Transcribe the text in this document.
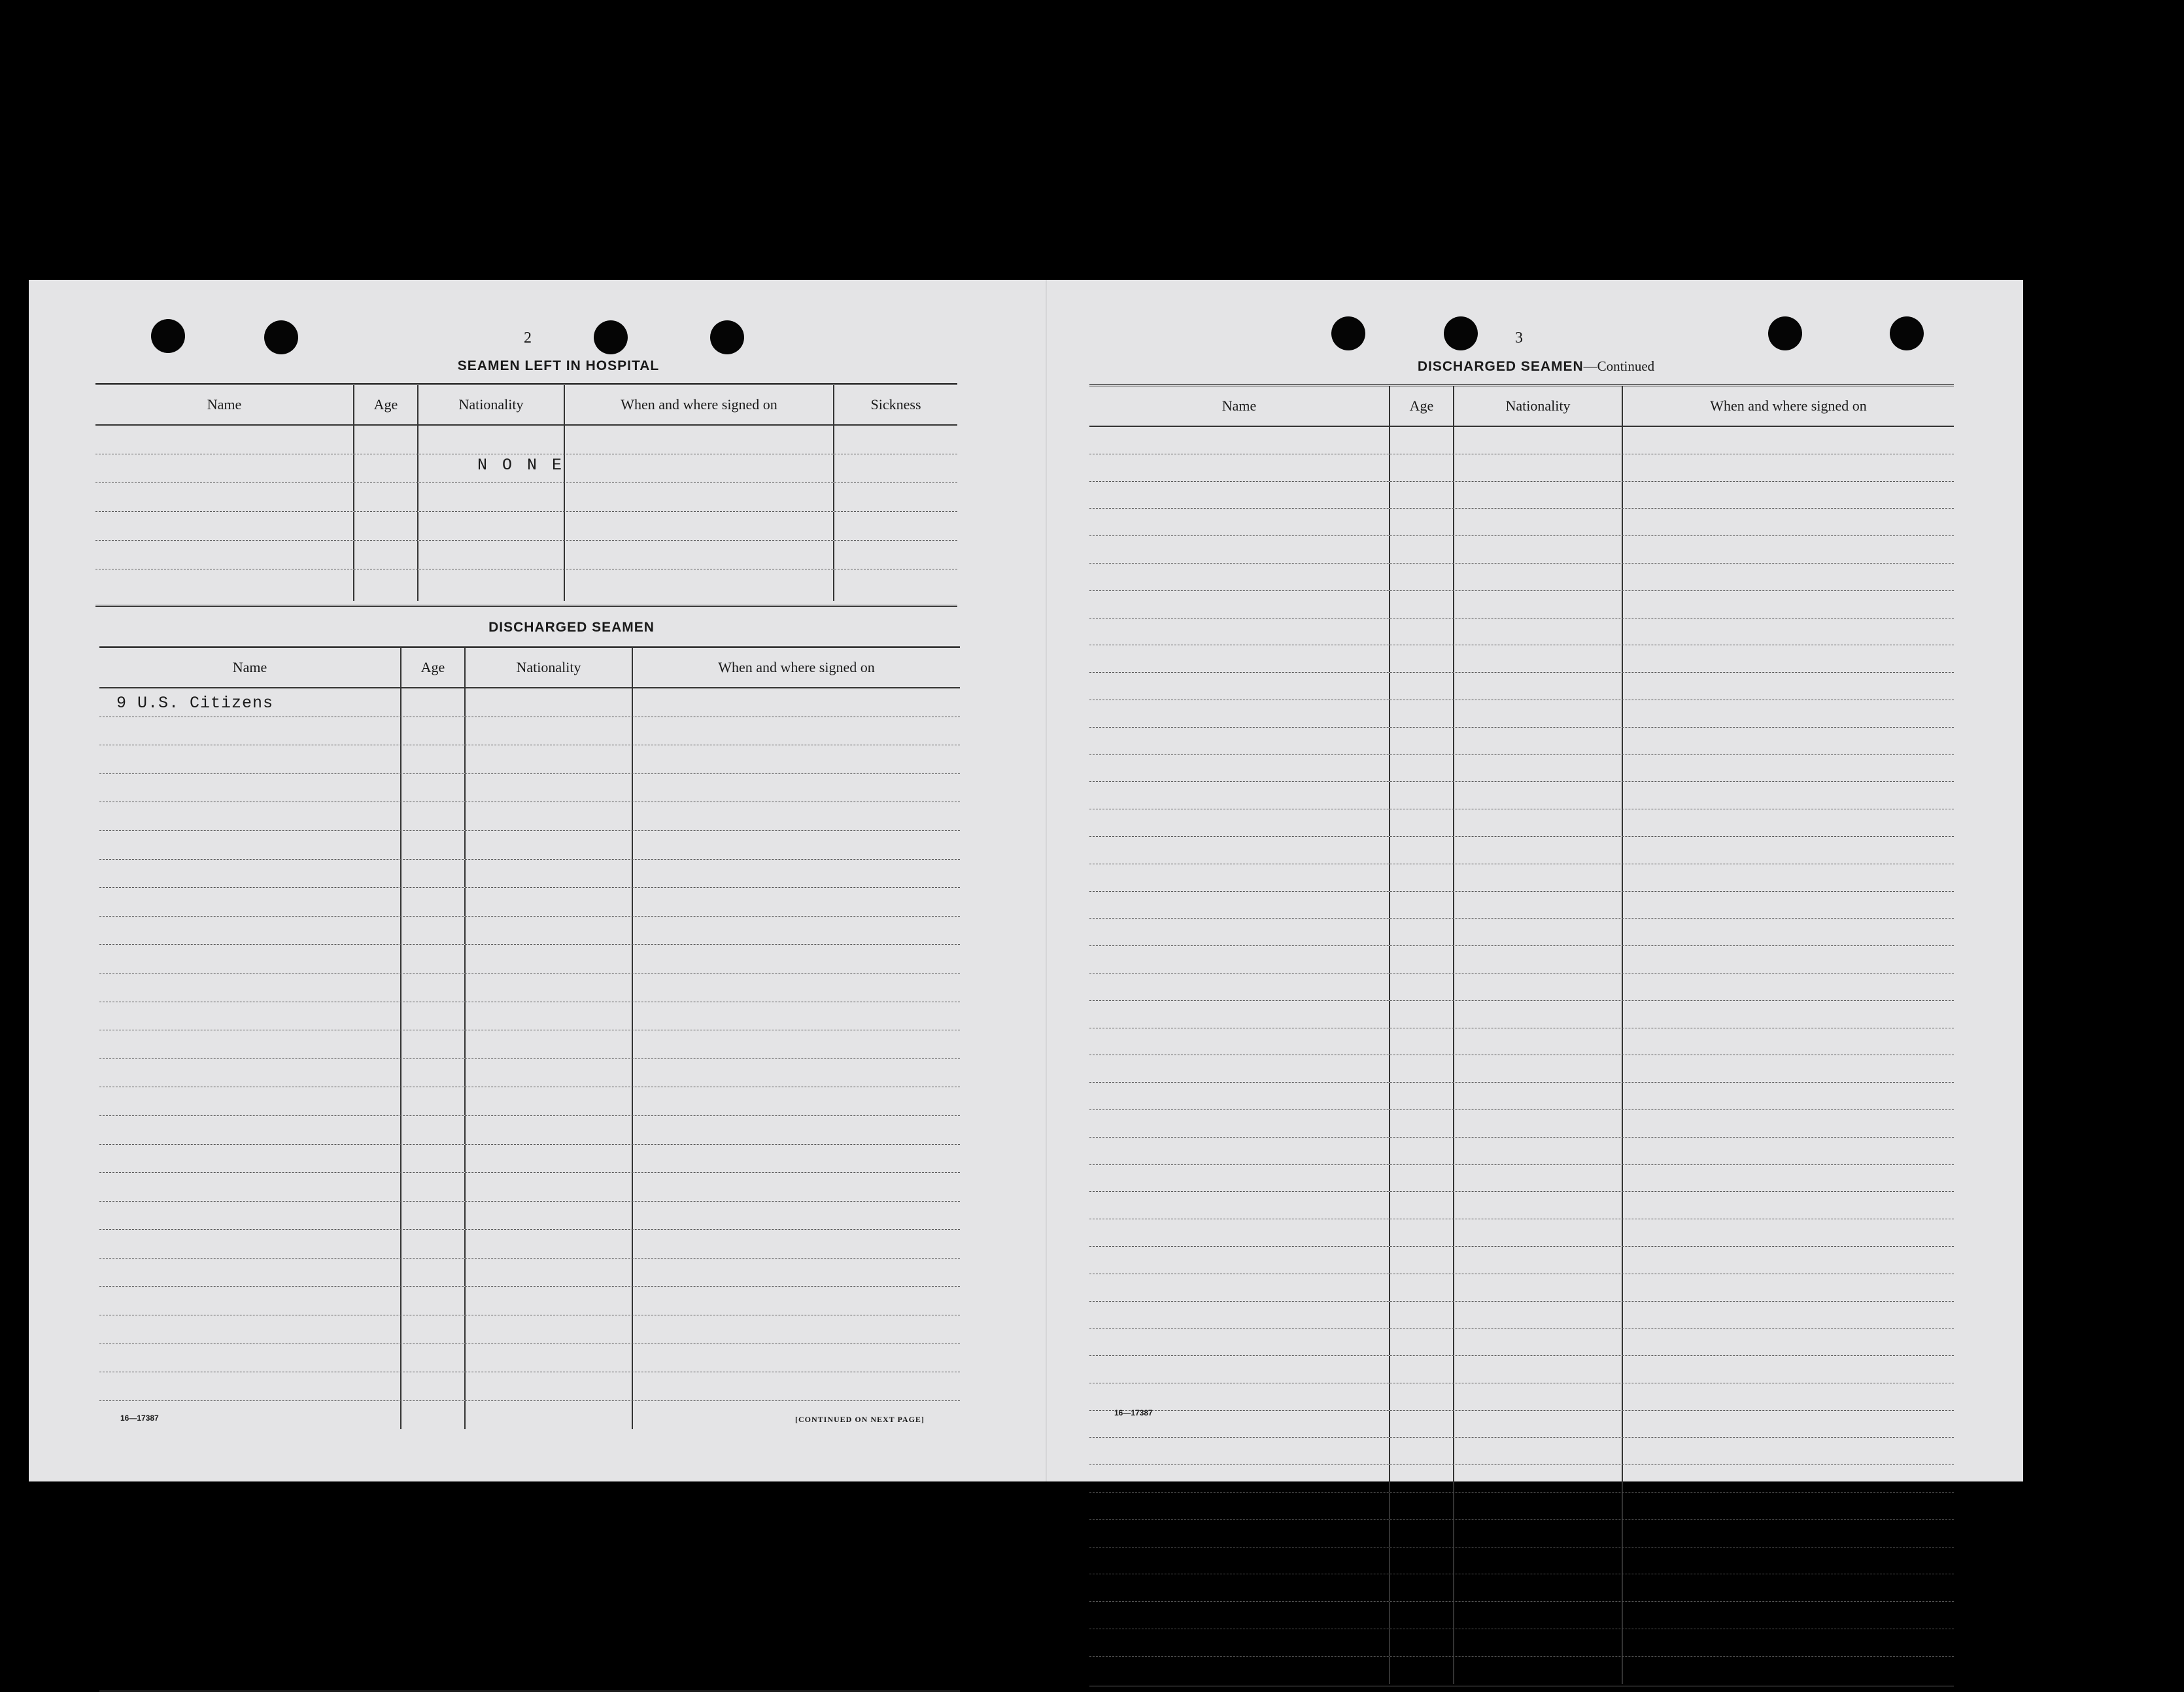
2
SEAMEN LEFT IN HOSPITAL
Name	Age	Nationality	When and where signed on	Sickness
N O N E
DISCHARGED SEAMEN
Name	Age	Nationality	When and where signed on
9 U.S. Citizens
16—17387	[CONTINUED ON NEXT PAGE]
3
DISCHARGED SEAMEN—Continued
Name	Age	Nationality	When and where signed on
16—17387
